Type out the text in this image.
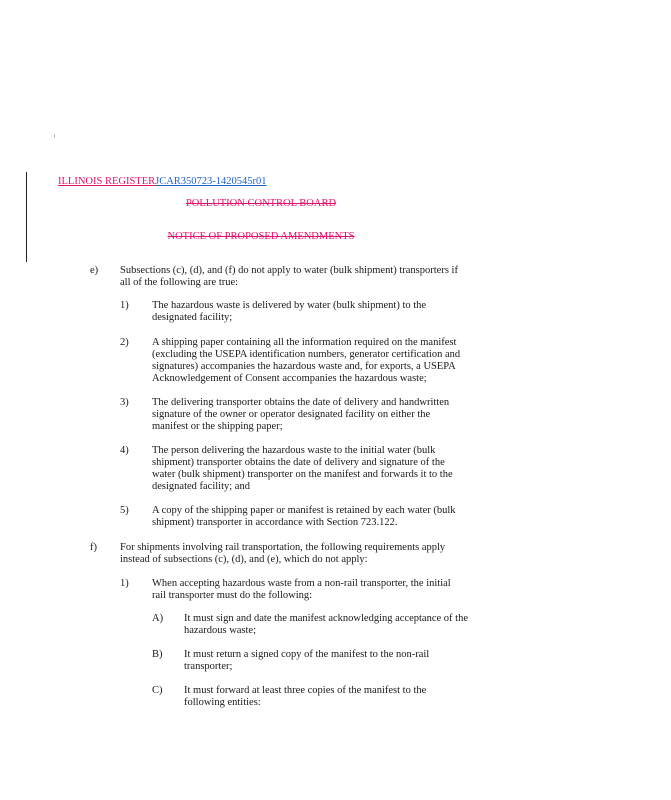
ILLINOIS REGISTERJCAR350723-1420545r01
POLLUTION CONTROL BOARD
NOTICE OF PROPOSED AMENDMENTS
e) Subsections (c), (d), and (f) do not apply to water (bulk shipment) transporters if all of the following are true:
1) The hazardous waste is delivered by water (bulk shipment) to the designated facility;
2) A shipping paper containing all the information required on the manifest (excluding the USEPA identification numbers, generator certification and signatures) accompanies the hazardous waste and, for exports, a USEPA Acknowledgement of Consent accompanies the hazardous waste;
3) The delivering transporter obtains the date of delivery and handwritten signature of the owner or operator designated facility on either the manifest or the shipping paper;
4) The person delivering the hazardous waste to the initial water (bulk shipment) transporter obtains the date of delivery and signature of the water (bulk shipment) transporter on the manifest and forwards it to the designated facility; and
5) A copy of the shipping paper or manifest is retained by each water (bulk shipment) transporter in accordance with Section 723.122.
f) For shipments involving rail transportation, the following requirements apply instead of subsections (c), (d), and (e), which do not apply:
1) When accepting hazardous waste from a non-rail transporter, the initial rail transporter must do the following:
A) It must sign and date the manifest acknowledging acceptance of the hazardous waste;
B) It must return a signed copy of the manifest to the non-rail transporter;
C) It must forward at least three copies of the manifest to the following entities:
